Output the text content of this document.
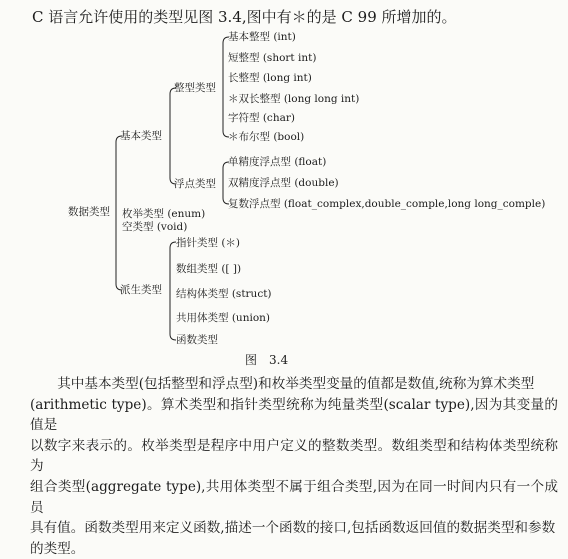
C 语言允许使用的类型见图 3.4,图中有＊的是 C 99 所增加的。
数据类型
基本类型
整型类型
浮点类型
基本整型 (int)
短整型 (short int)
长整型 (long int)
＊双长整型 (long long int)
字符型 (char)
＊布尔型 (bool)
单精度浮点型 (float)
双精度浮点型 (double)
复数浮点型 (float_complex,double_comple,long long_comple)
枚举类型 (enum)
空类型 (void)
派生类型
指针类型 (＊)
数组类型 ([ ])
结构体类型 (struct)
共用体类型 (union)
函数类型
图　3.4
其中基本类型(包括整型和浮点型)和枚举类型变量的值都是数值,统称为算术类型
(arithmetic type)。算术类型和指针类型统称为纯量类型(scalar type),因为其变量的值是
以数字来表示的。枚举类型是程序中用户定义的整数类型。数组类型和结构体类型统称为
组合类型(aggregate type),共用体类型不属于组合类型,因为在同一时间内只有一个成员
具有值。函数类型用来定义函数,描述一个函数的接口,包括函数返回值的数据类型和参数
的类型。
